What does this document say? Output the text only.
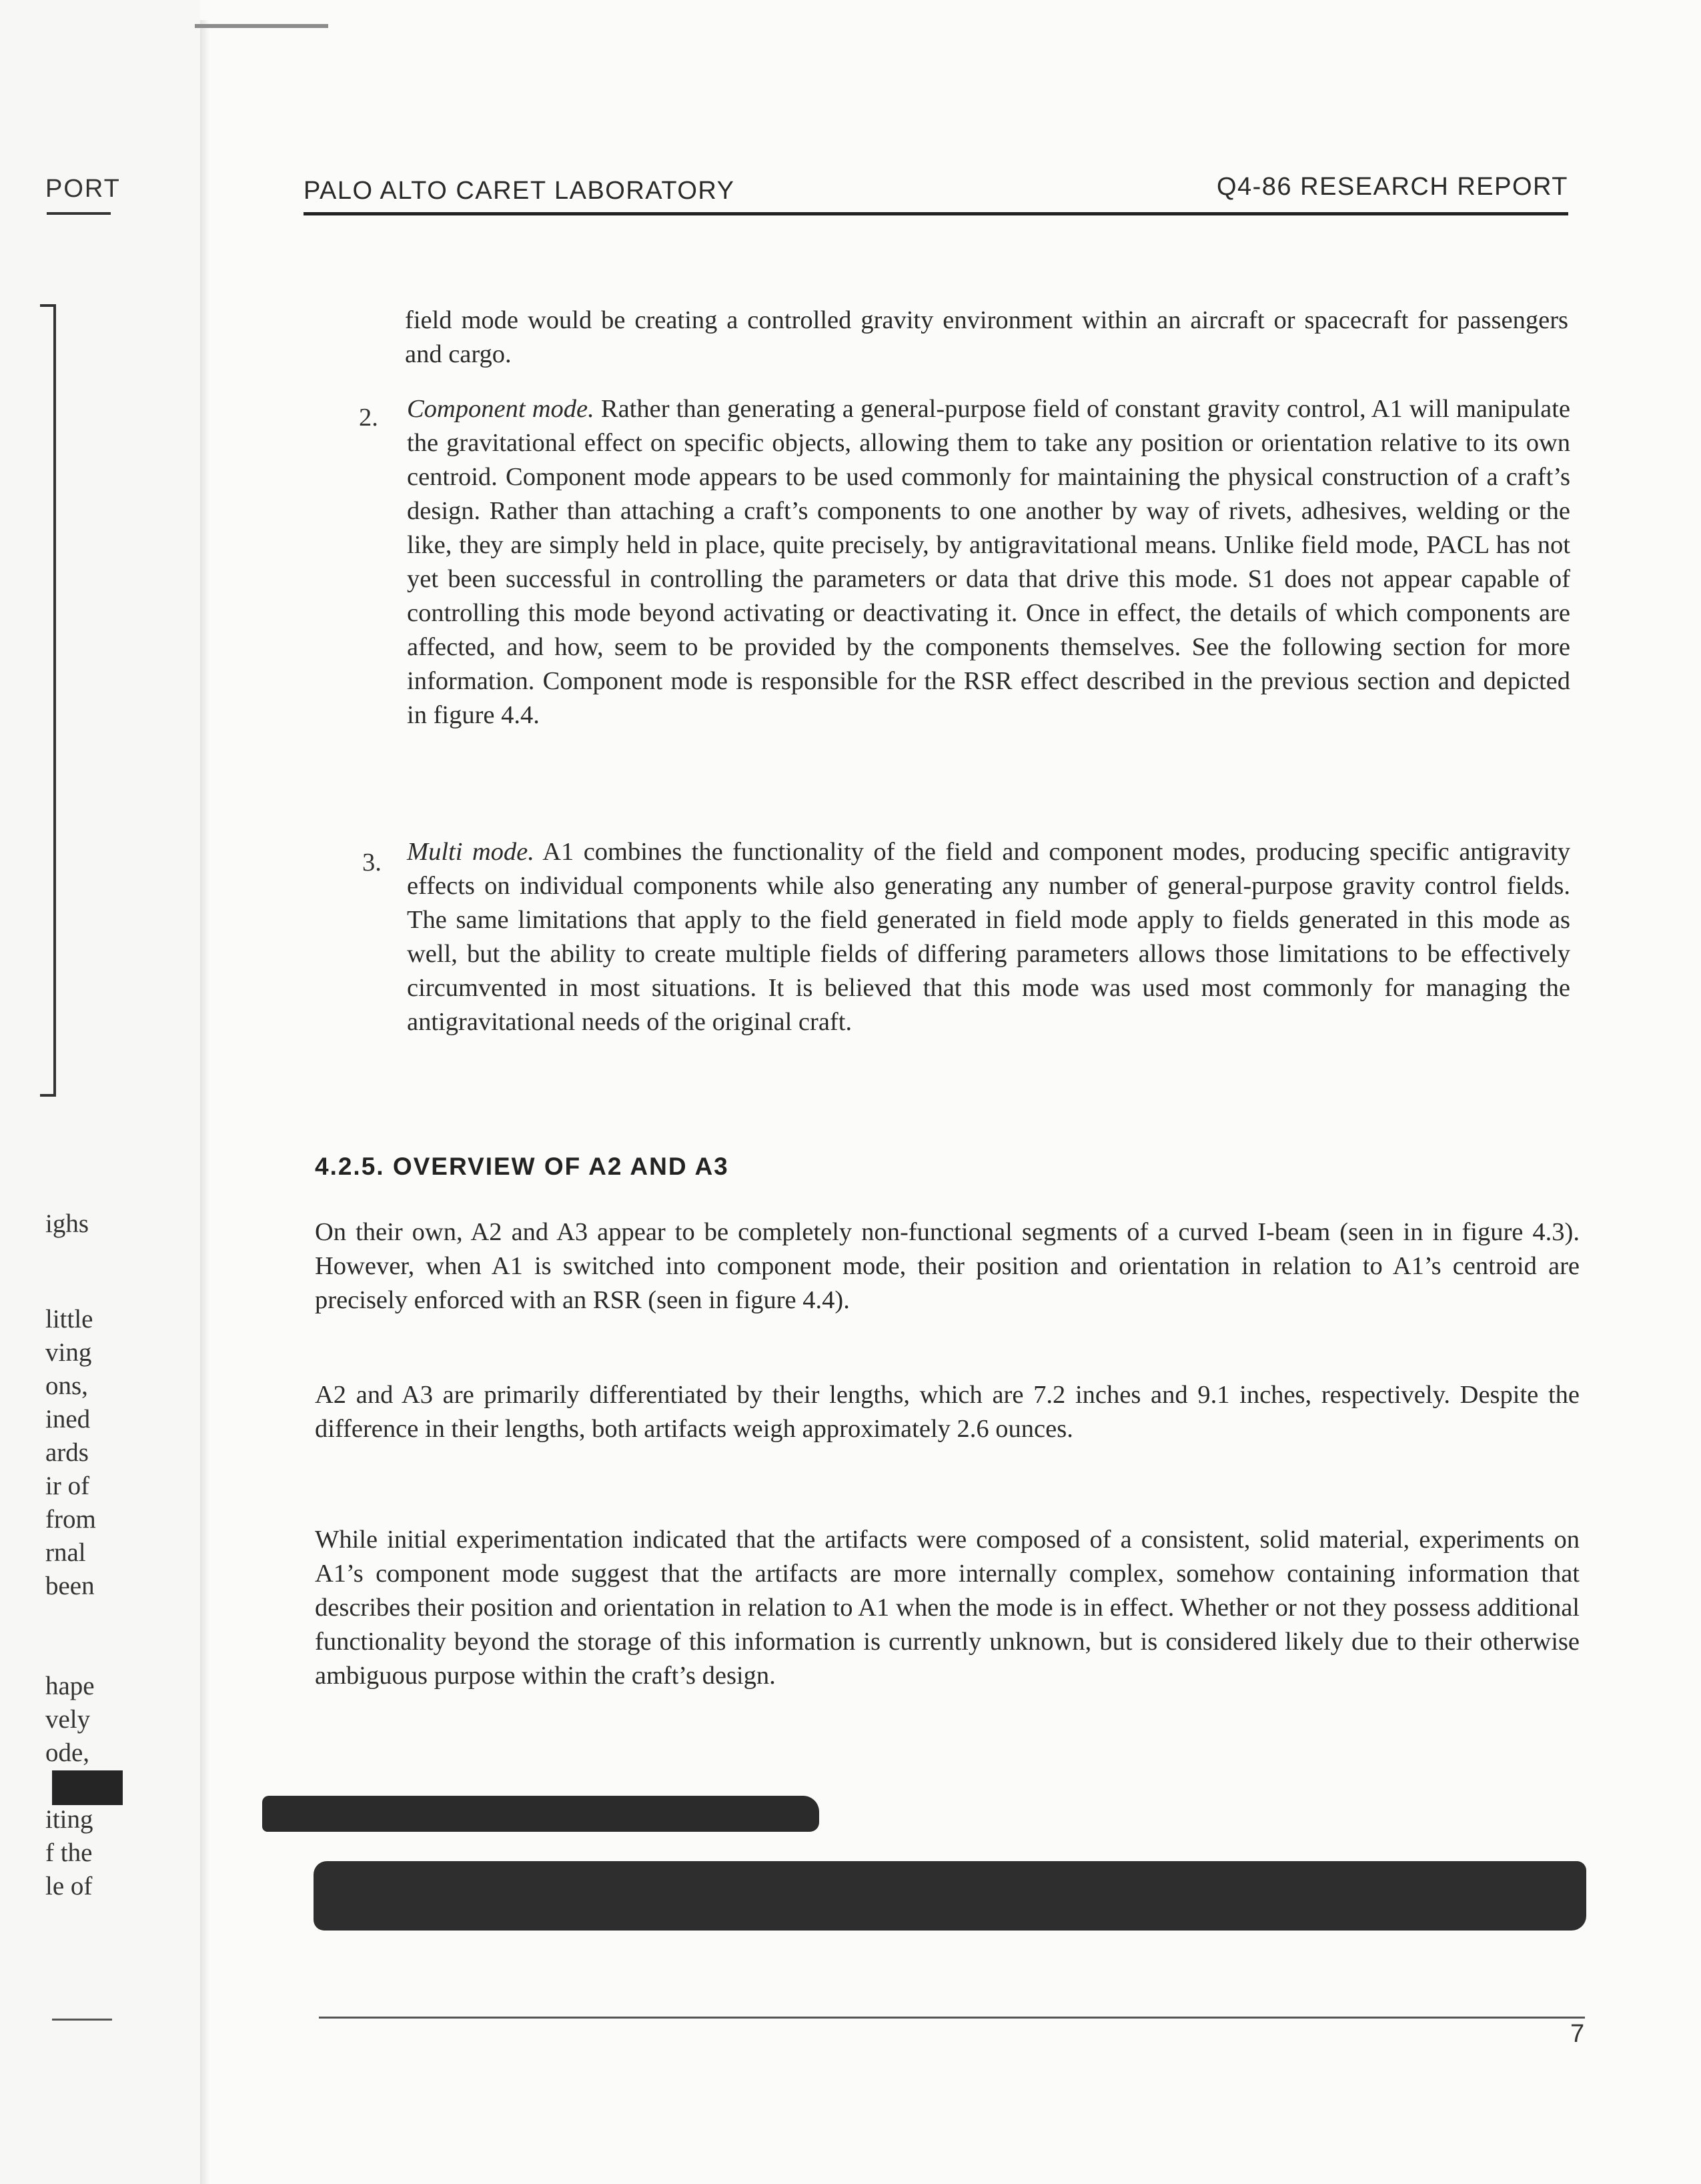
PORT
ighs
little
ving
ons,
ined
ards
ir of
from
rnal
been
hape
vely
ode,
iting
f the
le of
PALO ALTO CARET LABORATORY	Q4-86 RESEARCH REPORT
field mode would be creating a controlled gravity environment within an aircraft or spacecraft for passengers and cargo.
2. Component mode. Rather than generating a general-purpose field of constant gravity control, A1 will manipulate the gravitational effect on specific objects, allowing them to take any position or orientation relative to its own centroid. Component mode appears to be used commonly for maintaining the physical construction of a craft’s design. Rather than attaching a craft’s components to one another by way of rivets, adhesives, welding or the like, they are simply held in place, quite precisely, by antigravitational means. Unlike field mode, PACL has not yet been successful in controlling the parameters or data that drive this mode. S1 does not appear capable of controlling this mode beyond activating or deactivating it. Once in effect, the details of which components are affected, and how, seem to be provided by the components themselves. See the following section for more information. Component mode is responsible for the RSR effect described in the previous section and depicted in figure 4.4.
3. Multi mode. A1 combines the functionality of the field and component modes, producing specific antigravity effects on individual components while also generating any number of general-purpose gravity control fields. The same limitations that apply to the field generated in field mode apply to fields generated in this mode as well, but the ability to create multiple fields of differing parameters allows those limitations to be effectively circumvented in most situations. It is believed that this mode was used most commonly for managing the antigravitational needs of the original craft.
4.2.5. OVERVIEW OF A2 AND A3
On their own, A2 and A3 appear to be completely non-functional segments of a curved I-beam (seen in in figure 4.3). However, when A1 is switched into component mode, their position and orientation in relation to A1’s centroid are precisely enforced with an RSR (seen in figure 4.4).
A2 and A3 are primarily differentiated by their lengths, which are 7.2 inches and 9.1 inches, respectively. Despite the difference in their lengths, both artifacts weigh approximately 2.6 ounces.
While initial experimentation indicated that the artifacts were composed of a consistent, solid material, experiments on A1’s component mode suggest that the artifacts are more internally complex, somehow containing information that describes their position and orientation in relation to A1 when the mode is in effect. Whether or not they possess additional functionality beyond the storage of this information is currently unknown, but is considered likely due to their otherwise ambiguous purpose within the craft’s design.
7
